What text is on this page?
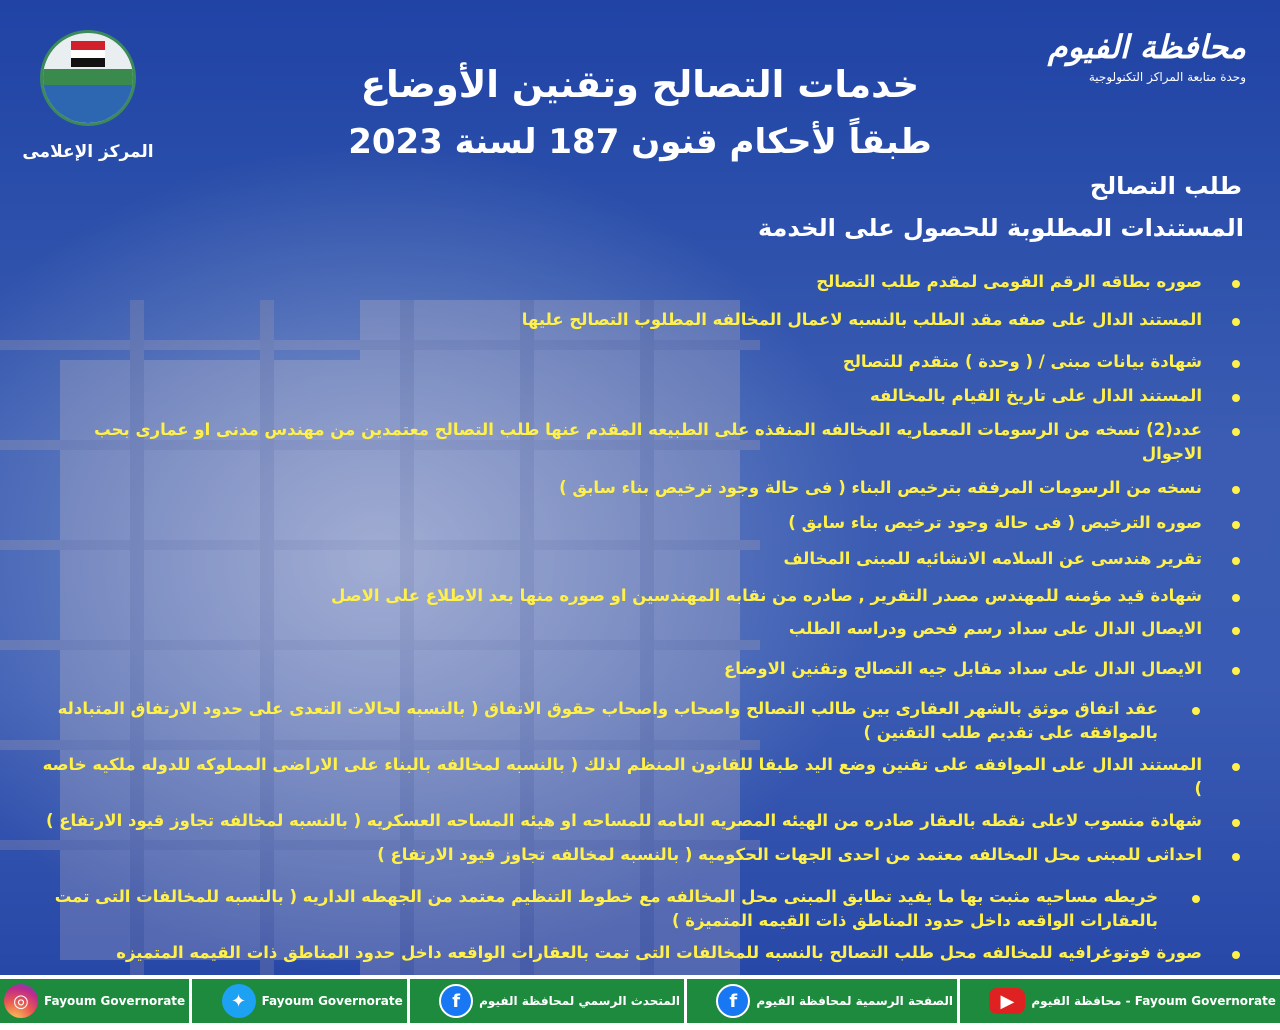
المركز الإعلامى
خدمات التصالح وتقنين الأوضاع
طبقاً لأحكام قنون 187 لسنة 2023
محافظة الفيوم
وحدة متابعة المراكز التكنولوجية
طلب التصالح
المستندات المطلوبة للحصول على الخدمة
صوره بطاقه الرقم القومى لمقدم طلب التصالح
المستند الدال على صفه مقد الطلب بالنسبه لاعمال المخالفه المطلوب التصالح عليها
شهادة بيانات مبنى / ( وحدة ) متقدم للتصالح
المستند الدال على تاريخ القيام بالمخالفه
عدد(2) نسخه من الرسومات المعماريه المخالفه المنفذه على الطبيعه المقدم عنها طلب التصالح معتمدين من مهندس مدنى او عمارى بحب الاجوال
نسخه من الرسومات المرفقه بترخيص البناء ( فى حالة وجود ترخيص بناء سابق )
صوره الترخيص ( فى حالة وجود ترخيص بناء سابق )
تقرير هندسى عن السلامه الانشائيه للمبنى المخالف
شهادة قيد مؤمنه للمهندس مصدر التقرير , صادره من نقابه المهندسين او صوره منها بعد الاطلاع على الاصل
الايصال الدال على سداد رسم فحص ودراسه الطلب
الايصال الدال على سداد مقابل جيه التصالح وتقنين الاوضاع
عقد اتفاق موثق بالشهر العقارى بين طالب التصالح واصحاب واصحاب حقوق الاتفاق ( بالنسبه لحالات التعدى على حدود الارتفاق المتبادله بالموافقه على تقديم طلب التقنين )
المستند الدال على الموافقه على تقنين وضع اليد طبقا للقانون المنظم لذلك ( بالنسبه لمخالفه بالبناء على الاراضى المملوكه للدوله ملكيه خاصه )
شهادة منسوب لاعلى نقطه بالعقار صادره من الهيئه المصريه العامه للمساحه او هيئه المساحه العسكريه ( بالنسبه لمخالفه تجاوز قيود الارتفاع )
احداثى للمبنى محل المخالفه معتمد من احدى الجهات الحكوميه ( بالنسبه لمخالفه تجاوز قيود الارتفاع )
خريطه مساحيه مثبت بها ما يفيد تطابق المبنى محل المخالفه مع خطوط التنظيم معتمد من الجهطه الداريه ( بالنسبه للمخالفات التى تمت بالعقارات الواقعه داخل حدود المناطق ذات القيمه المتميزة )
صورة فوتوغرافيه للمخالفه محل طلب التصالح بالنسبه للمخالفات التى تمت بالعقارات الواقعه داخل حدود المناطق ذات القيمه المتميزه
◎	Fayoum Governorate	✦	Fayoum Governorate	f	المتحدث الرسمي لمحافظة الفيوم	f	الصفحة الرسمية لمحافظة الفيوم	▶	Fayoum Governorate - محافظة الفيوم
